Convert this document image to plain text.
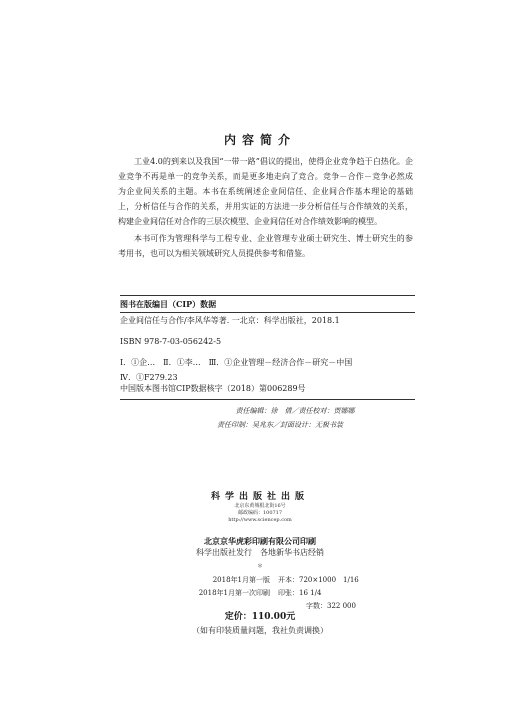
内容简介

工业4.0的到来以及我国“一带一路”倡议的提出，使得企业竞争趋于白热化。企业竞争不再是单一的竞争关系，而是更多地走向了竞合。竞争－合作－竞争必然成为企业间关系的主题。本书在系统阐述企业间信任、企业间合作基本理论的基础上，分析信任与合作的关系，并用实证的方法进一步分析信任与合作绩效的关系，构建企业间信任对合作的三层次模型、企业间信任对合作绩效影响的模型。

本书可作为管理科学与工程专业、企业管理专业硕士研究生、博士研究生的参考用书，也可以为相关领域研究人员提供参考和借鉴。

图书在版编目（CIP）数据
企业间信任与合作/李风华等著. 一北京：科学出版社，2018.1
ISBN 978-7-03-056242-5
Ⅰ．①企…　Ⅱ．①李…　Ⅲ．①企业管理－经济合作－研究－中国
Ⅳ．①F279.23
中国版本图书馆CIP数据核字（2018）第006289号
责任编辑：徐　倩／责任校对：贾娜娜
责任印制：吴兆东／封面设计：无极书装
科学出版社出版
北京东黄城根北街16号
邮政编码：100717
http://www.sciencep.com
北京京华虎彩印刷有限公司印刷
科学出版社发行　各地新华书店经销
＊
2018年1月第一版	开本：720×1000　1/16
2018年1月第一次印刷	印张：16 1/4
字数：322 000
定价：110.00元
（如有印装质量问题，我社负责调换）
